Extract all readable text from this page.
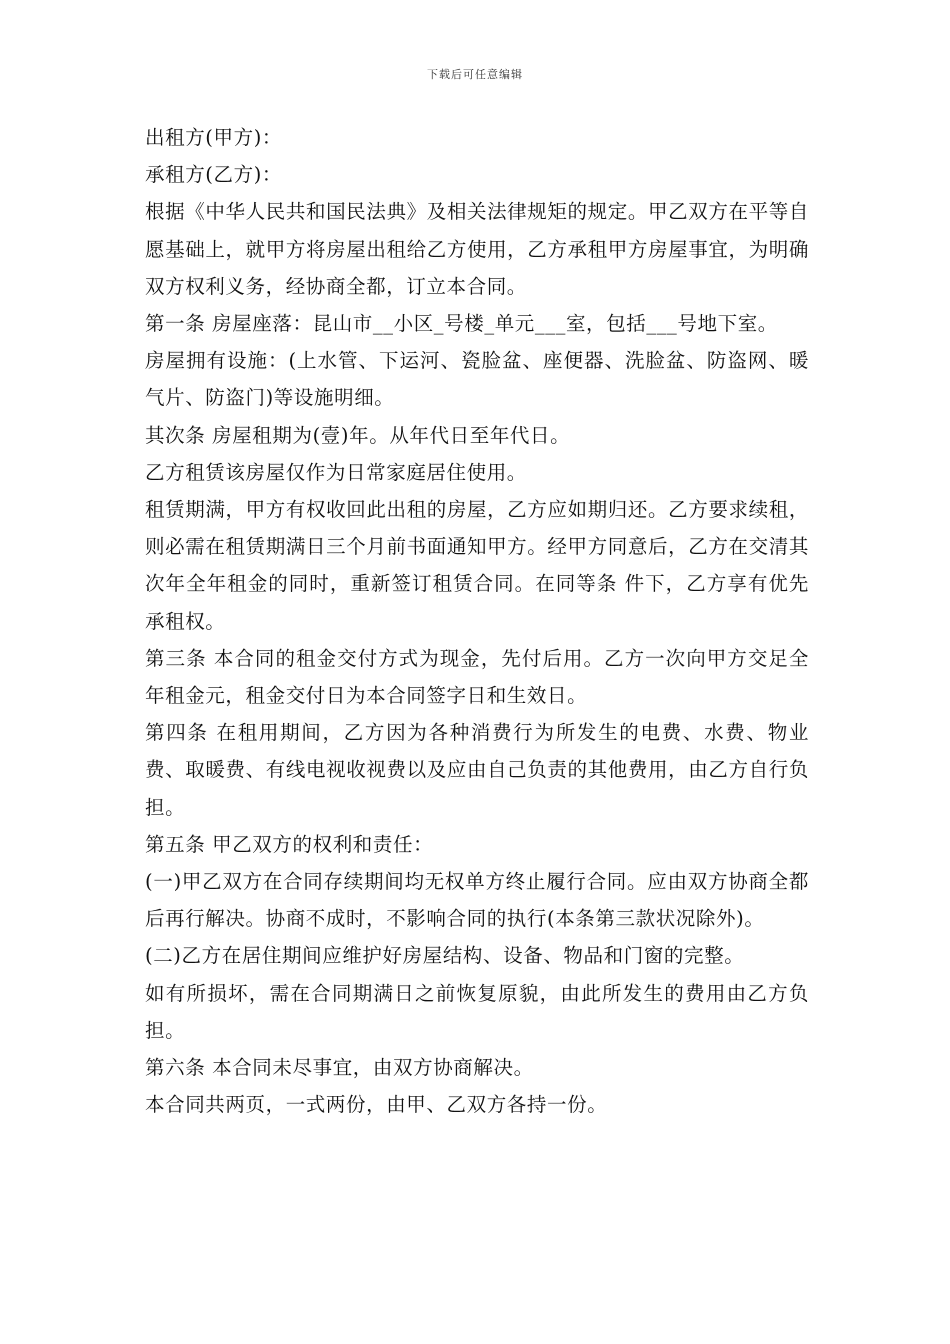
下载后可任意编辑

出租方(甲方)：

承租方(乙方)：

根据《中华人民共和国民法典》及相关法律规矩的规定。甲乙双方在平等自愿基础上，就甲方将房屋出租给乙方使用，乙方承租甲方房屋事宜，为明确双方权利义务，经协商全都，订立本合同。

第一条 房屋座落：昆山市__小区_号楼_单元___室，包括___号地下室。

房屋拥有设施：(上水管、下运河、瓷脸盆、座便器、洗脸盆、防盗网、暖气片、防盗门)等设施明细。

其次条 房屋租期为(壹)年。从年代日至年代日。

乙方租赁该房屋仅作为日常家庭居住使用。

租赁期满，甲方有权收回此出租的房屋，乙方应如期归还。乙方要求续租，则必需在租赁期满日三个月前书面通知甲方。经甲方同意后，乙方在交清其次年全年租金的同时，重新签订租赁合同。在同等条 件下，乙方享有优先承租权。

第三条 本合同的租金交付方式为现金，先付后用。乙方一次向甲方交足全年租金元，租金交付日为本合同签字日和生效日。

第四条 在租用期间，乙方因为各种消费行为所发生的电费、水费、物业费、取暖费、有线电视收视费以及应由自己负责的其他费用，由乙方自行负担。

第五条 甲乙双方的权利和责任：

(一)甲乙双方在合同存续期间均无权单方终止履行合同。应由双方协商全都后再行解决。协商不成时，不影响合同的执行(本条第三款状况除外)。

(二)乙方在居住期间应维护好房屋结构、设备、物品和门窗的完整。

如有所损坏，需在合同期满日之前恢复原貌，由此所发生的费用由乙方负担。

第六条 本合同未尽事宜，由双方协商解决。

本合同共两页，一式两份，由甲、乙双方各持一份。
